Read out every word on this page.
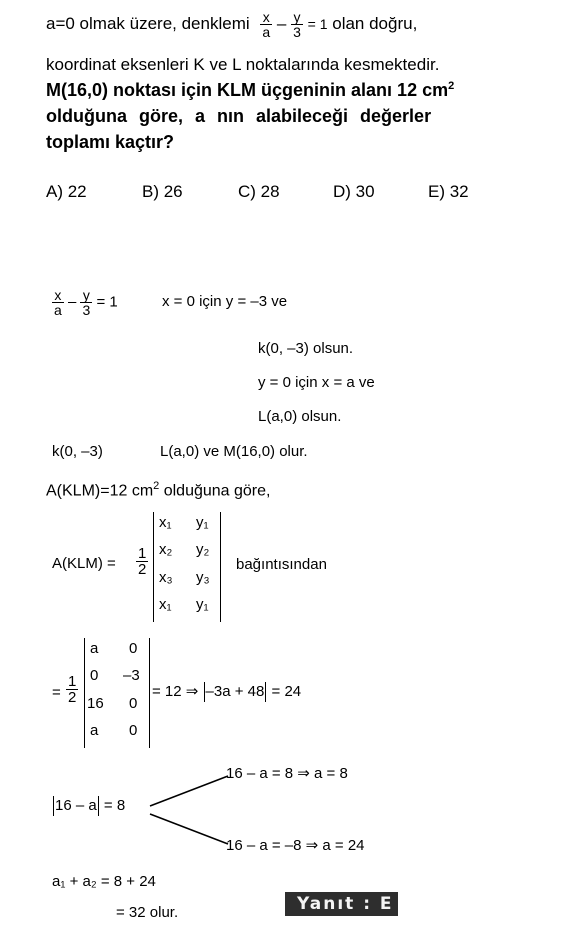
a=0 olmak üzere, denklemi $\frac{x}{a} - \frac{y}{3} = 1$ olan doğru,
koordinat eksenleri K ve L noktalarında kesmektedir.
M(16,0) noktası için KLM üçgeninin alanı 12 $cm^2$
olduğuna göre, a nın alabileceği değerler
toplamı kaçtır?
A) 22	B) 26	C) 28	D) 30	E) 32
$\frac{x}{a} - \frac{y}{3} = 1$	x = 0 için y = –3 ve
k(0, –3) olsun.
y = 0 için x = a ve
L(a,0) olsun.
k(0, –3)	L(a,0) ve M(16,0) olur.
A(KLM)=12 $cm^2$ olduğuna göre,
$A(KLM) = \frac{1}{2}$
x₁ y₁
x₂ y₂
x₃ y₃
x₁ y₁
bağıntısından
= $\frac{1}{2}$
a 0
0 –3
16 0
a 0
= 12 ⇒ –3a + 48 = 24
16 – a = 8
16 – a = 8 ⇒ a = 8
16 – a = –8 ⇒ a = 24
a₁ + a₂ = 8 + 24
= 32 olur.	Yanıt : E
